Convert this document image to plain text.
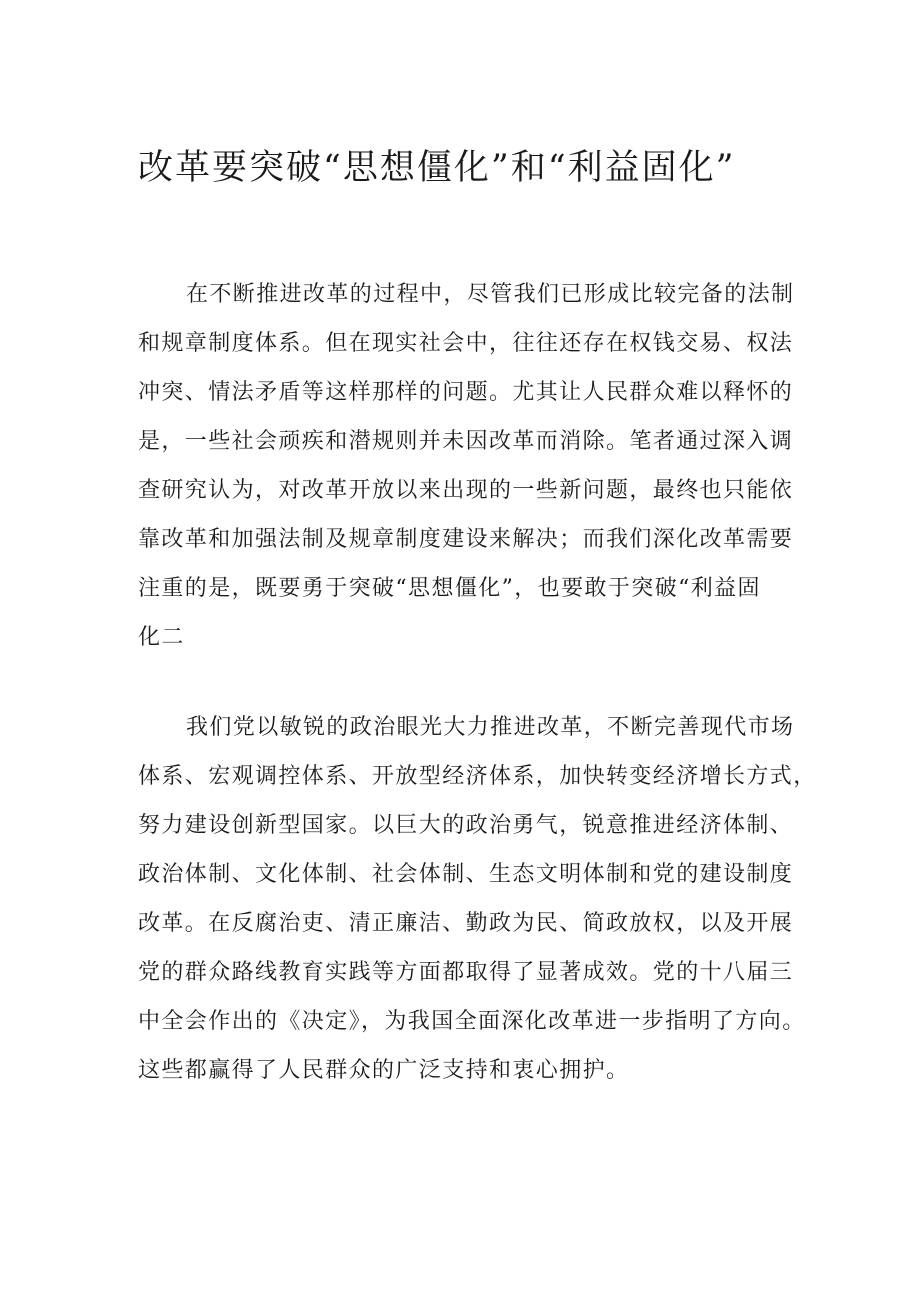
改革要突破“思想僵化”和“利益固化”

在不断推进改革的过程中，尽管我们已形成比较完备的法制
和规章制度体系。但在现实社会中，往往还存在权钱交易、权法
冲突、情法矛盾等这样那样的问题。尤其让人民群众难以释怀的
是，一些社会顽疾和潜规则并未因改革而消除。笔者通过深入调
查研究认为，对改革开放以来出现的一些新问题，最终也只能依
靠改革和加强法制及规章制度建设来解决；而我们深化改革需要
注重的是，既要勇于突破“思想僵化”，也要敢于突破“利益固
化二

我们党以敏锐的政治眼光大力推进改革，不断完善现代市场
体系、宏观调控体系、开放型经济体系，加快转变经济增长方式，
努力建设创新型国家。以巨大的政治勇气，锐意推进经济体制、
政治体制、文化体制、社会体制、生态文明体制和党的建设制度
改革。在反腐治吏、清正廉洁、勤政为民、简政放权，以及开展
党的群众路线教育实践等方面都取得了显著成效。党的十八届三
中全会作出的《决定》，为我国全面深化改革进一步指明了方向。
这些都赢得了人民群众的广泛支持和衷心拥护。
